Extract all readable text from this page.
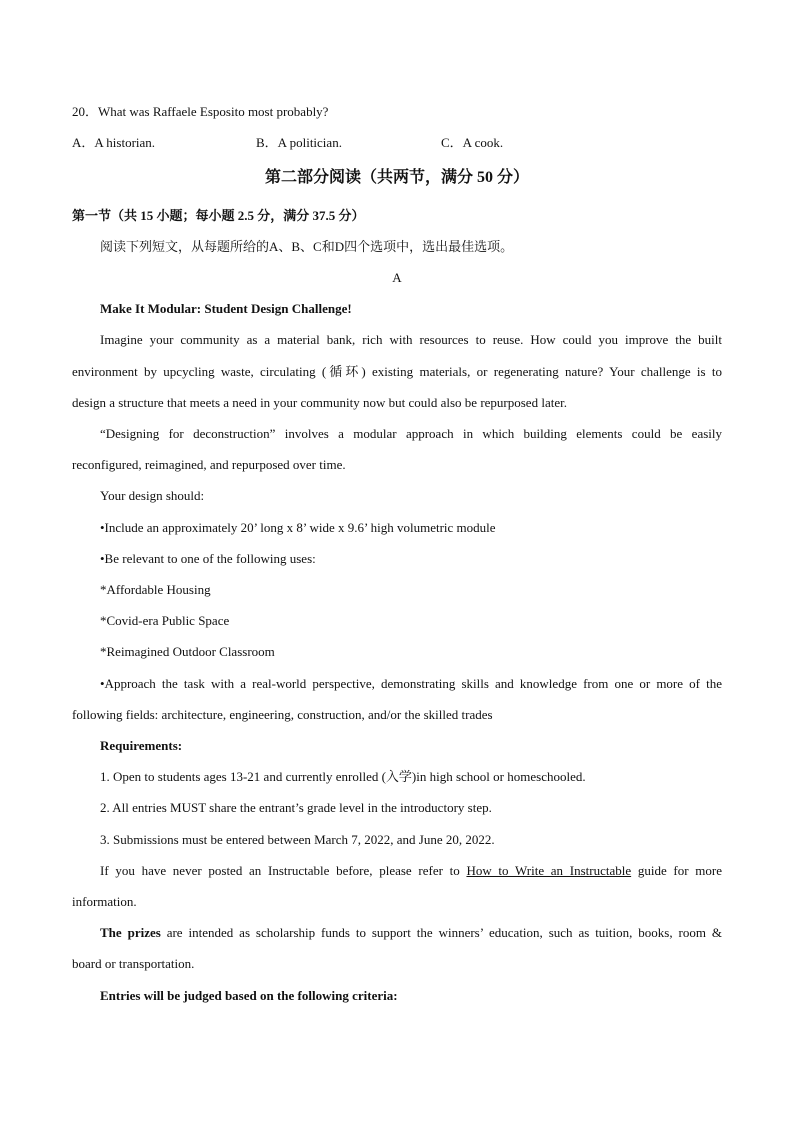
20．What was Raffaele Esposito most probably?
A．A historian.	B．A politician.	C．A cook.
第二部分阅读（共两节，满分 50 分）
第一节（共 15 小题；每小题 2.5 分，满分 37.5 分）
阅读下列短文，从每题所给的A、B、C和D四个选项中，选出最佳选项。
A
Make It Modular: Student Design Challenge!
Imagine your community as a material bank, rich with resources to reuse. How could you improve the built
environment by upcycling waste, circulating (循环) existing materials, or regenerating nature? Your challenge is to
design a structure that meets a need in your community now but could also be repurposed later.
“Designing for deconstruction” involves a modular approach in which building elements could be easily
reconfigured, reimagined, and repurposed over time.
Your design should:
•Include an approximately 20’ long x 8’ wide x 9.6’ high volumetric module
•Be relevant to one of the following uses:
*Affordable Housing
*Covid-era Public Space
*Reimagined Outdoor Classroom
•Approach the task with a real-world perspective, demonstrating skills and knowledge from one or more of the
following fields: architecture, engineering, construction, and/or the skilled trades
Requirements:
1. Open to students ages 13-21 and currently enrolled (入学)in high school or homeschooled.
2. All entries MUST share the entrant’s grade level in the introductory step.
3. Submissions must be entered between March 7, 2022, and June 20, 2022.
If you have never posted an Instructable before, please refer to How to Write an Instructable guide for more
information.
The prizes are intended as scholarship funds to support the winners’ education, such as tuition, books, room &
board or transportation.
Entries will be judged based on the following criteria:
